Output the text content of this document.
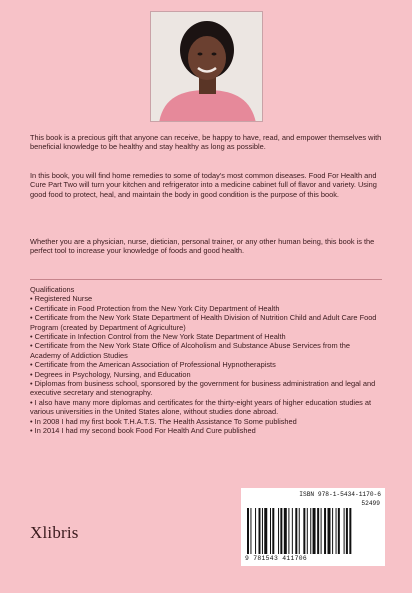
This book is a precious gift that anyone can receive, be happy to have, read, and empower themselves with beneficial knowledge to be healthy and stay healthy as long as possible.

In this book, you will find home remedies to some of today's most common diseases. Food For Health and Cure Part Two will turn your kitchen and refrigerator into a medicine cabinet full of flavor and variety. Using good food to protect, heal, and maintain the body in good condition is the purpose of this book.

Whether you are a physician, nurse, dietician, personal trainer, or any other human being, this book is the perfect tool to increase your knowledge of foods and good health.

Qualifications

• Registered Nurse
• Certificate in Food Protection from the New York City Department of Health
• Certificate from the New York State Department of Health Division of Nutrition Child and Adult Care Food Program (created by Department of Agriculture)
• Certificate in Infection Control from the New York State Department of Health
• Certificate from the New York State Office of Alcoholism and Substance Abuse Services from the Academy of Addiction Studies
• Certificate from the American Association of Professional Hypnotherapists
• Degrees in Psychology, Nursing, and Education
• Diplomas from business school, sponsored by the government for business administration and legal and executive secretary and stenography.
• I also have many more diplomas and certificates for the thirty-eight years of higher education studies at various universities in the United States alone, without studies done abroad.
• In 2008 I had my first book T.H.A.T.S. The Health Assistance To Some published
• In 2014 I had my second book Food For Health And Cure published
Xlibris
ISBN 978-1-5434-1170-6
52499
9 781543 411706
